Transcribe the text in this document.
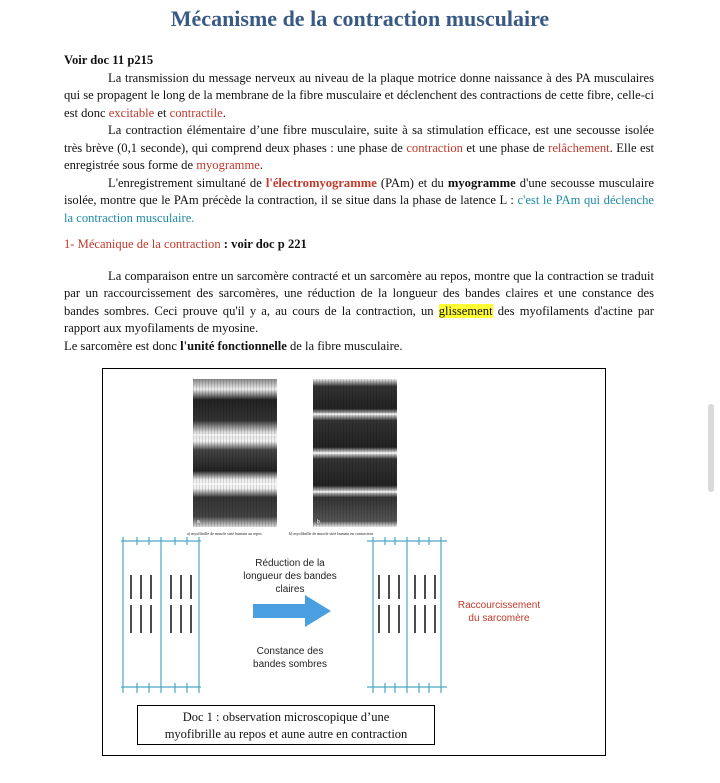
Mécanisme de la contraction musculaire
Voir doc 11 p215

La transmission du message nerveux au niveau de la plaque motrice donne naissance à des PA musculaires qui se propagent le long de la membrane de la fibre musculaire et déclenchent des contractions de cette fibre, celle-ci est donc excitable et contractile.

La contraction élémentaire d’une fibre musculaire, suite à sa stimulation efficace, est une secousse isolée très brève (0,1 seconde), qui comprend deux phases : une phase de contraction et une phase de relâchement. Elle est enregistrée sous forme de myogramme.

L'enregistrement simultané de l'électromyogramme (PAm) et du myogramme d'une secousse musculaire isolée, montre que le PAm précède la contraction, il se situe dans la phase de latence L : c'est le PAm qui déclenche la contraction musculaire.

1- Mécanique de la contraction : voir doc p 221

La comparaison entre un sarcomère contracté et un sarcomère au repos, montre que la contraction se traduit par un raccourcissement des sarcomères, une réduction de la longueur des bandes claires et une constance des bandes sombres. Ceci prouve qu'il y a, au cours de la contraction, un glissement des myofilaments d'actine par rapport aux myofilaments de myosine.

Le sarcomère est donc l'unité fonctionnelle de la fibre musculaire.

a
a) myofibrille de muscle strié humain au repos
b
b) myofibrille de muscle strié humain en contraction
Réduction de la
longueur des bandes
claires
Constance des
bandes sombres
Raccourcissement
du sarcomère
Doc 1 : observation microscopique d’une
myofibrille au repos et aune autre en contraction
